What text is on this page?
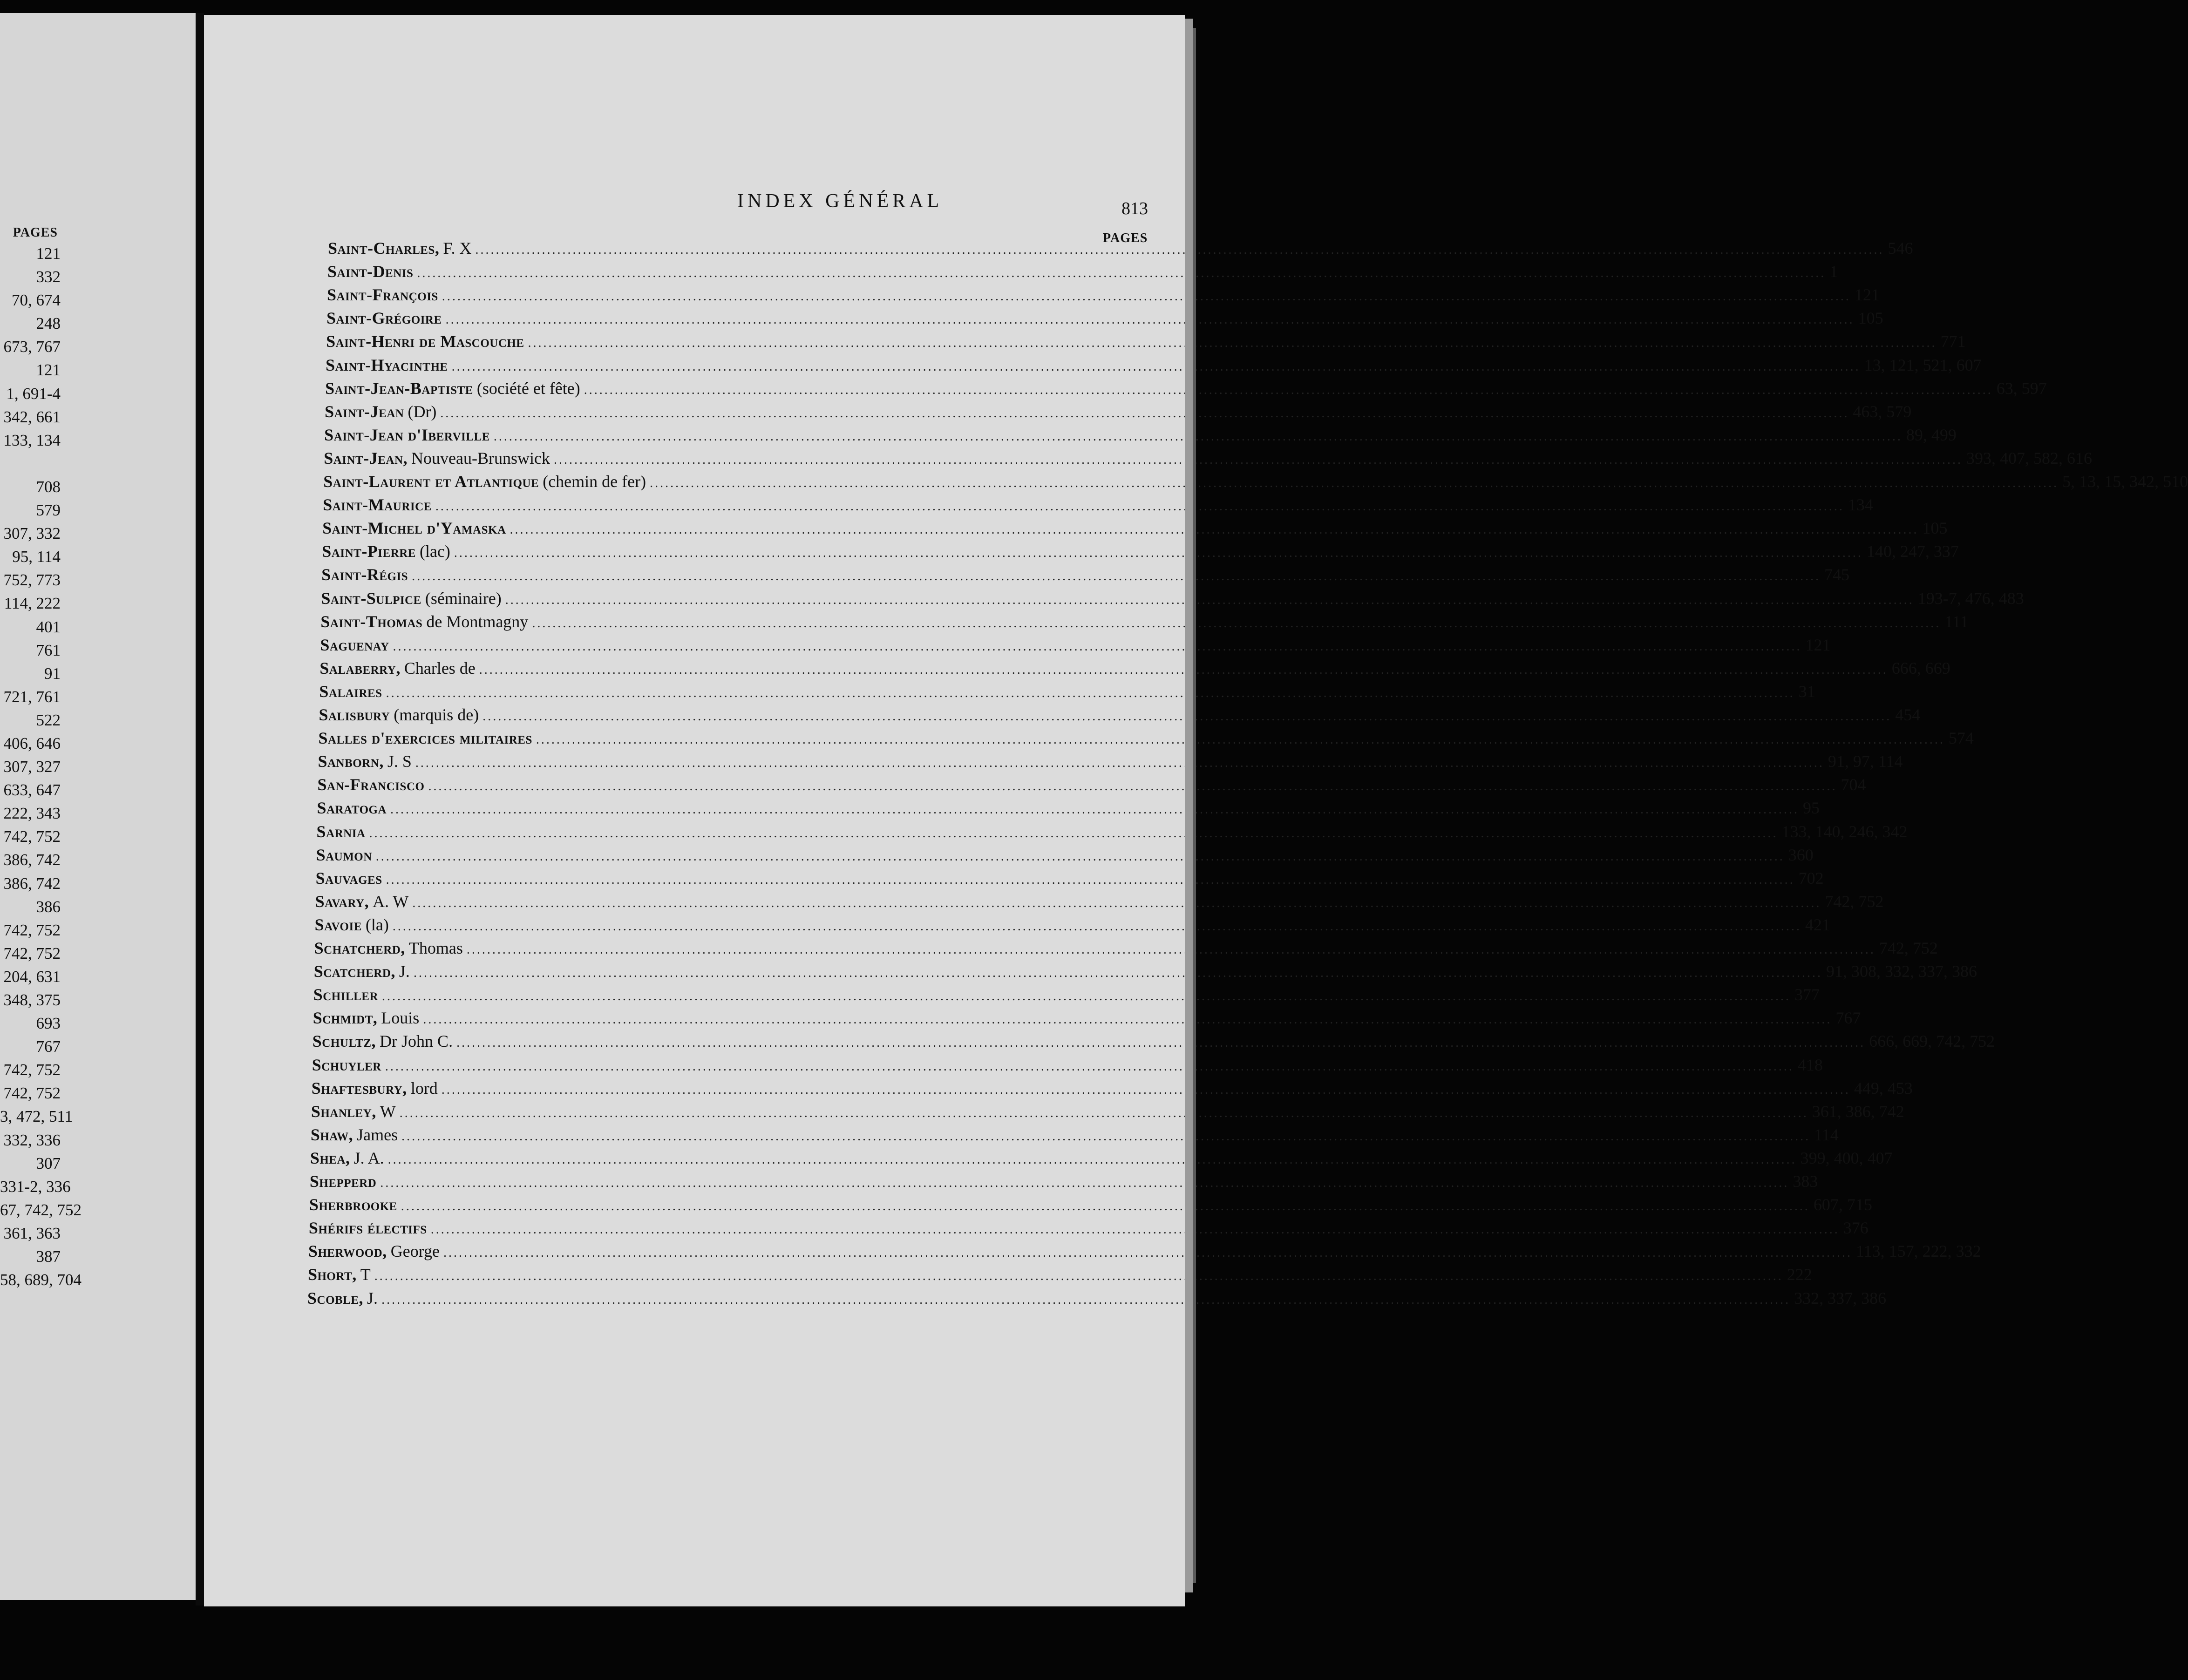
PAGES
121
332
70, 674
248
673, 767
121
1, 691-4
342, 661
133, 134
708
579
307, 332
95, 114
752, 773
114, 222
401
761
91
721, 761
522
406, 646
307, 327
633, 647
222, 343
742, 752
386, 742
386, 742
386
742, 752
742, 752
204, 631
348, 375
693
767
742, 752
742, 752
3, 472, 511
332, 336
307
331-2, 336
67, 742, 752
361, 363
387
58, 689, 704
INDEX GÉNÉRAL	813
PAGES
Saint-Charles, F. X .....	546
Saint-Denis .....	1
Saint-François .....	121
Saint-Grégoire .....	105
Saint-Henri de Mascouche .....	771
Saint-Hyacinthe .....	13, 121, 521, 607
Saint-Jean-Baptiste (société et fête) .....	63, 597
Saint-Jean (Dr) .....	463, 579
Saint-Jean d'Iberville .....	89, 499
Saint-Jean, Nouveau-Brunswick .....	393, 407, 582, 616
Saint-Laurent et Atlantique (chemin de fer) .....	5, 13, 15, 342, 510
Saint-Maurice .....	134
Saint-Michel d'Yamaska .....	105
Saint-Pierre (lac) .....	140, 247, 337
Saint-Régis .....	745
Saint-Sulpice (séminaire) .....	193-7, 476, 483
Saint-Thomas de Montmagny .....	111
Saguenay .....	121
Salaberry, Charles de .....	666, 669
Salaires .....	31
Salisbury (marquis de) .....	454
Salles d'exercices militaires .....	574
Sanborn, J. S .....	91, 97, 114
San-Francisco .....	704
Saratoga .....	95
Sarnia .....	133, 140, 246, 342
Saumon .....	360
Sauvages .....	702
Savary, A. W .....	742, 752
Savoie (la) .....	421
Schatcherd, Thomas .....	742, 752
Scatcherd, J. .....	91, 308, 332, 337, 386
Schiller .....	377
Schmidt, Louis .....	767
Schultz, Dr John C. .....	666, 669, 742, 752
Schuyler .....	418
Shaftesbury, lord .....	449, 453
Shanley, W .....	361, 386, 742
Shaw, James .....	114
Shea, J. A. .....	399, 400, 407
Shepperd .....	383
Sherbrooke .....	607, 715
Shérifs électifs .....	376
Sherwood, George .....	113, 157, 222, 332
Short, T .....	222
Scoble, J. .....	332, 337, 386
